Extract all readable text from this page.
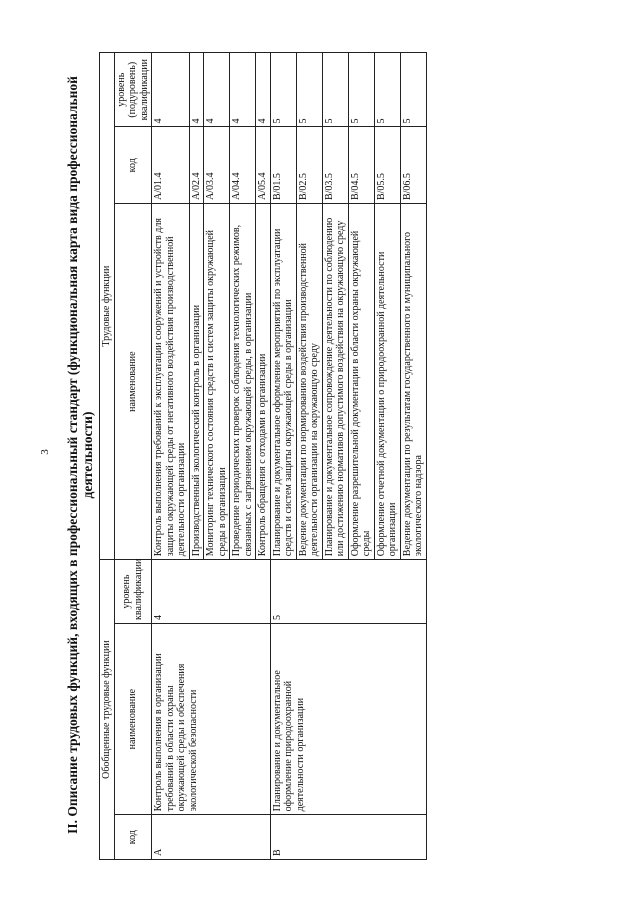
3 II. Описание трудовых функций, входящих в профессиональный стандарт (функциональная карта вида профессиональной деятельности)
Обобщенные трудовые функции			Трудовые функции		
код	наименование	уровень квалификации	наименование	код	уровень (подуровень) квалификации
A	Контроль выполнения в организации требований в области охраны окружающей среды и обеспечения экологической безопасности	4	Контроль выполнения требований к эксплуатации сооружений и устройств для защиты окружающей среды от негативного воздействия производственной деятельности организации	A/01.4	4
			Производственный экологический контроль в организации	A/02.4	4
			Мониторинг технического состояния средств и систем защиты окружающей среды в организации	A/03.4	4
			Проведение периодических проверок соблюдения технологических режимов, связанных с загрязнением окружающей среды, в организации	A/04.4	4
			Контроль обращения с отходами в организации	A/05.4	4
B	Планирование и документальное оформление природоохранной деятельности организации	5	Планирование и документальное оформление мероприятий по эксплуатации средств и систем защиты окружающей среды в организации	B/01.5	5
			Ведение документации по нормированию воздействия производственной деятельности организации на окружающую среду	B/02.5	5
			Планирование и документальное сопровождение деятельности по соблюдению или достижению нормативов допустимого воздействия на окружающую среду	B/03.5	5
			Оформление разрешительной документации в области охраны окружающей среды	B/04.5	5
			Оформление отчетной документации о природоохранной деятельности организации	B/05.5	5
			Ведение документации по результатам государственного и муниципального экологического надзора	B/06.5	5
